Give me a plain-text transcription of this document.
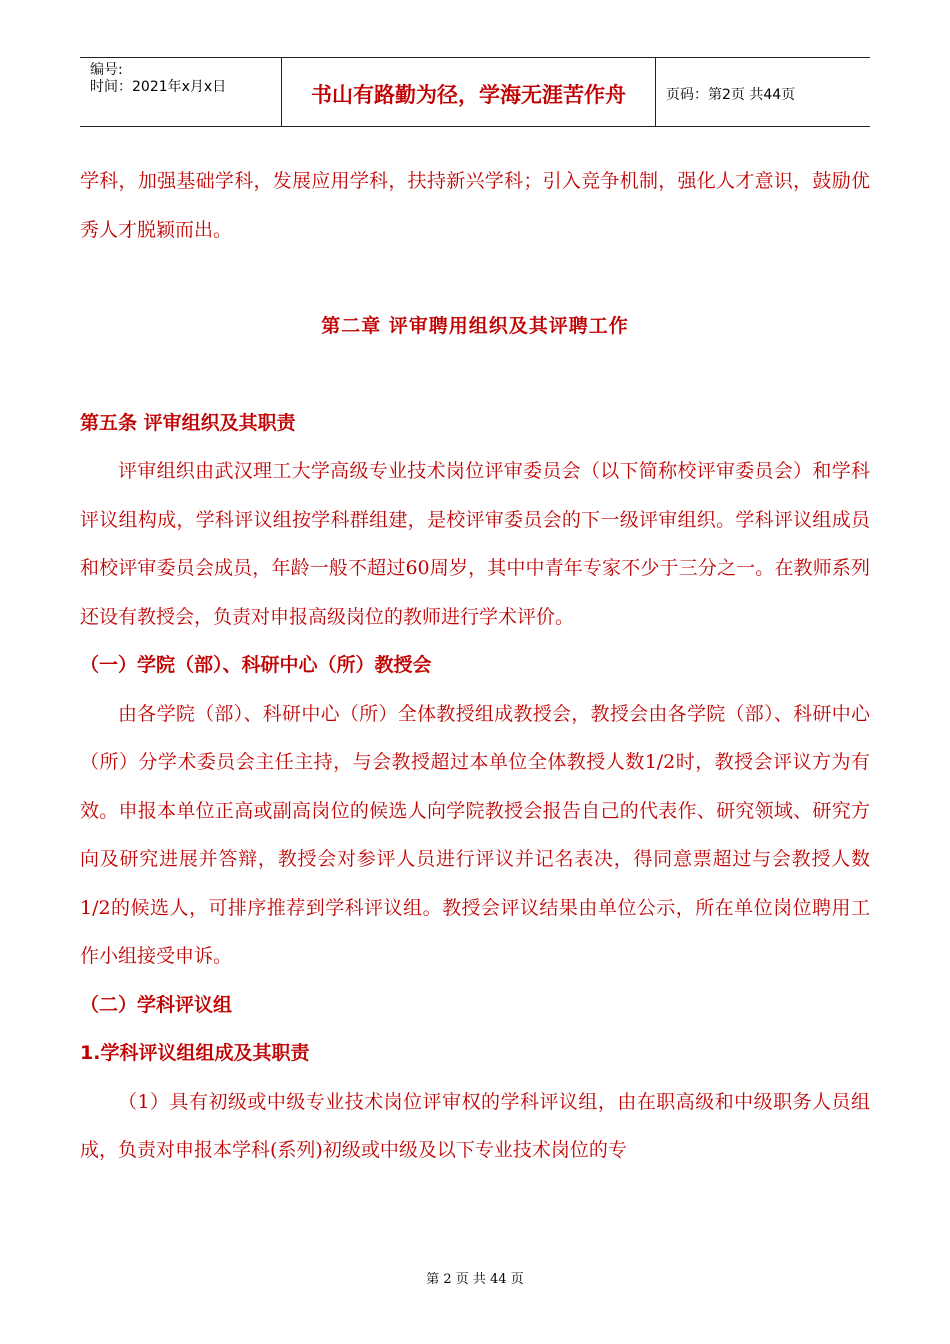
编号:
时间：2021年x月x日	书山有路勤为径，学海无涯苦作舟	页码：第2页 共44页

学科，加强基础学科，发展应用学科，扶持新兴学科；引入竞争机制，强化人才意识，鼓励优秀人才脱颖而出。

第二章 评审聘用组织及其评聘工作

第五条 评审组织及其职责

评审组织由武汉理工大学高级专业技术岗位评审委员会（以下简称校评审委员会）和学科评议组构成，学科评议组按学科群组建，是校评审委员会的下一级评审组织。学科评议组成员和校评审委员会成员，年龄一般不超过60周岁，其中中青年专家不少于三分之一。在教师系列还设有教授会，负责对申报高级岗位的教师进行学术评价。

（一）学院（部）、科研中心（所）教授会

由各学院（部）、科研中心（所）全体教授组成教授会，教授会由各学院（部）、科研中心（所）分学术委员会主任主持，与会教授超过本单位全体教授人数1/2时，教授会评议方为有效。申报本单位正高或副高岗位的候选人向学院教授会报告自己的代表作、研究领域、研究方向及研究进展并答辩，教授会对参评人员进行评议并记名表决，得同意票超过与会教授人数1/2的候选人，可排序推荐到学科评议组。教授会评议结果由单位公示，所在单位岗位聘用工作小组接受申诉。

（二）学科评议组

1.学科评议组组成及其职责

（1）具有初级或中级专业技术岗位评审权的学科评议组，由在职高级和中级职务人员组成，负责对申报本学科(系列)初级或中级及以下专业技术岗位的专

第 2 页 共 44 页
